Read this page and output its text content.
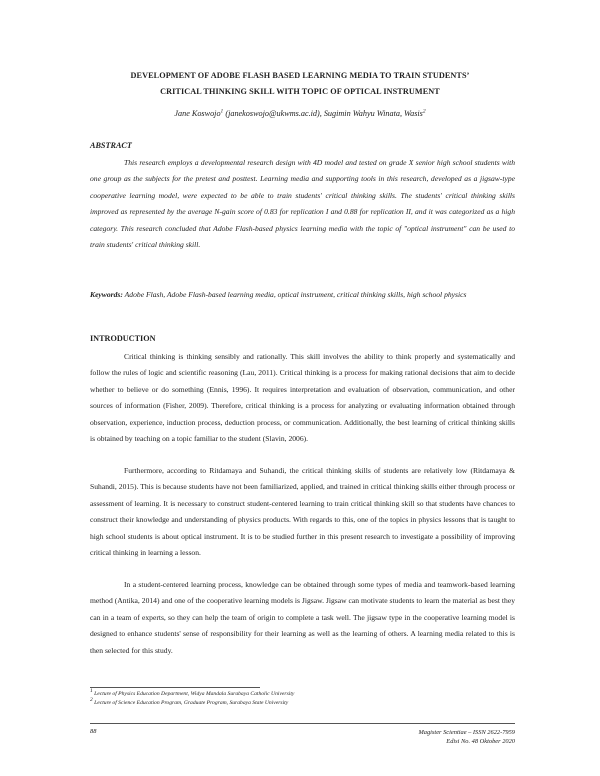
DEVELOPMENT OF ADOBE FLASH BASED LEARNING MEDIA TO TRAIN STUDENTS’
CRITICAL THINKING SKILL WITH TOPIC OF OPTICAL INSTRUMENT
Jane Koswojo$^1$ (janekoswojo@ukwms.ac.id), Sugimin Wahyu Winata, Wasis$^2$
ABSTRACT

This research employs a developmental research design with 4D model and tested on grade X senior high school students with one group as the subjects for the pretest and posttest. Learning media and supporting tools in this research, developed as a jigsaw-type cooperative learning model, were expected to be able to train students' critical thinking skills. The students' critical thinking skills improved as represented by the average N-gain score of 0.83 for replication I and 0.88 for replication II, and it was categorized as a high category. This research concluded that Adobe Flash-based physics learning media with the topic of "optical instrument" can be used to train students' critical thinking skill.

Keywords: Adobe Flash, Adobe Flash-based learning media, optical instrument, critical thinking skills, high school physics

INTRODUCTION

Critical thinking is thinking sensibly and rationally. This skill involves the ability to think properly and systematically and follow the rules of logic and scientific reasoning (Lau, 2011). Critical thinking is a process for making rational decisions that aim to decide whether to believe or do something (Ennis, 1996). It requires interpretation and evaluation of observation, communication, and other sources of information (Fisher, 2009). Therefore, critical thinking is a process for analyzing or evaluating information obtained through observation, experience, induction process, deduction process, or communication. Additionally, the best learning of critical thinking skills is obtained by teaching on a topic familiar to the student (Slavin, 2006).

Furthermore, according to Ritdamaya and Suhandi, the critical thinking skills of students are relatively low (Ritdamaya & Suhandi, 2015). This is because students have not been familiarized, applied, and trained in critical thinking skills either through process or assessment of learning. It is necessary to construct student-centered learning to train critical thinking skill so that students have chances to construct their knowledge and understanding of physics products. With regards to this, one of the topics in physics lessons that is taught to high school students is about optical instrument. It is to be studied further in this present research to investigate a possibility of improving critical thinking in learning a lesson.

In a student-centered learning process, knowledge can be obtained through some types of media and teamwork-based learning method (Antika, 2014) and one of the cooperative learning models is Jigsaw. Jigsaw can motivate students to learn the material as best they can in a team of experts, so they can help the team of origin to complete a task well. The jigsaw type in the cooperative learning model is designed to enhance students' sense of responsibility for their learning as well as the learning of others. A learning media related to this is then selected for this study.

$^1$ Lecture of Physics Education Department, Widya Mandala Surabaya Catholic University
$^2$ Lecture of Science Education Program, Graduate Program, Surabaya State University
88	Magister Scientiae – ISSN 2622-7959
Edisi No. 48 Oktober 2020
